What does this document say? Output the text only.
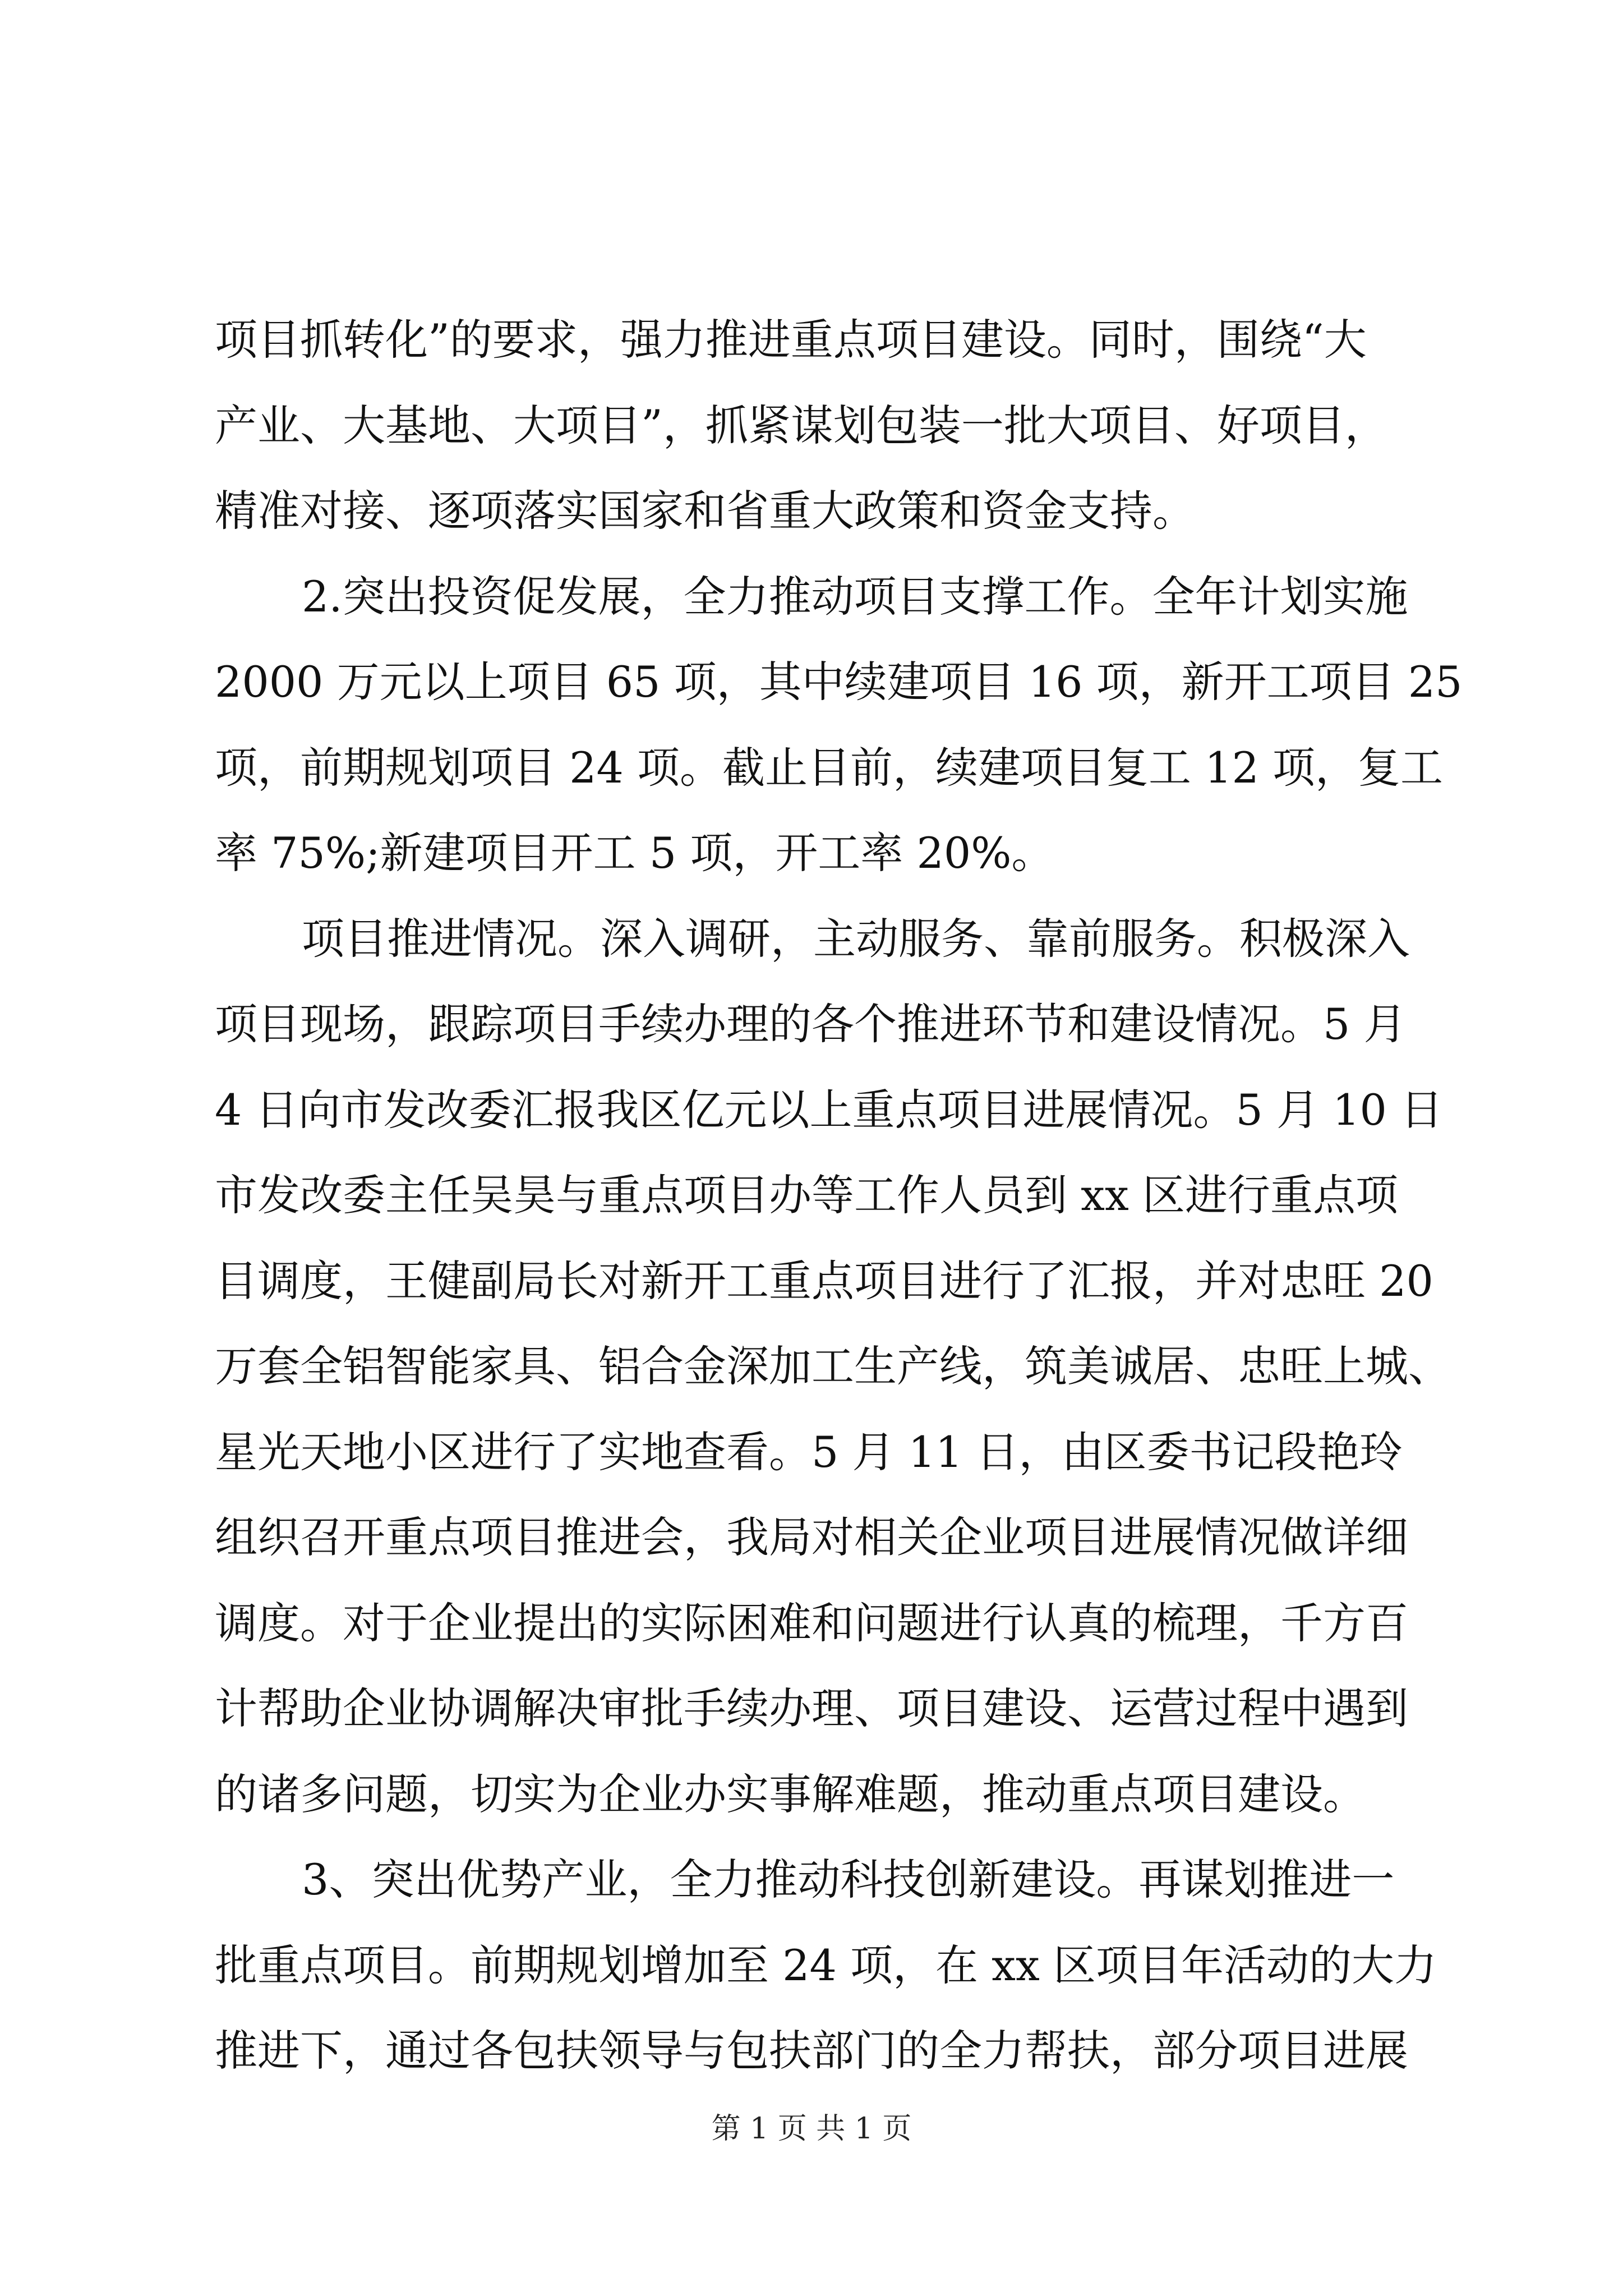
项目抓转化”的要求，强力推进重点项目建设。同时，围绕“大
产业、大基地、大项目”，抓紧谋划包装一批大项目、好项目，
精准对接、逐项落实国家和省重大政策和资金支持。
2.突出投资促发展，全力推动项目支撑工作。全年计划实施
2000 万元以上项目 65 项，其中续建项目 16 项，新开工项目 25
项，前期规划项目 24 项。截止目前，续建项目复工 12 项，复工
率 75%;新建项目开工 5 项，开工率 20%。
项目推进情况。深入调研，主动服务、靠前服务。积极深入
项目现场，跟踪项目手续办理的各个推进环节和建设情况。5 月
4 日向市发改委汇报我区亿元以上重点项目进展情况。5 月 10 日
市发改委主任吴昊与重点项目办等工作人员到 xx 区进行重点项
目调度，王健副局长对新开工重点项目进行了汇报，并对忠旺 20
万套全铝智能家具、铝合金深加工生产线，筑美诚居、忠旺上城、
星光天地小区进行了实地查看。5 月 11 日，由区委书记段艳玲
组织召开重点项目推进会，我局对相关企业项目进展情况做详细
调度。对于企业提出的实际困难和问题进行认真的梳理，千方百
计帮助企业协调解决审批手续办理、项目建设、运营过程中遇到
的诸多问题，切实为企业办实事解难题，推动重点项目建设。
3、突出优势产业，全力推动科技创新建设。再谋划推进一
批重点项目。前期规划增加至 24 项，在 xx 区项目年活动的大力
推进下，通过各包扶领导与包扶部门的全力帮扶，部分项目进展
第 1 页 共 1 页
